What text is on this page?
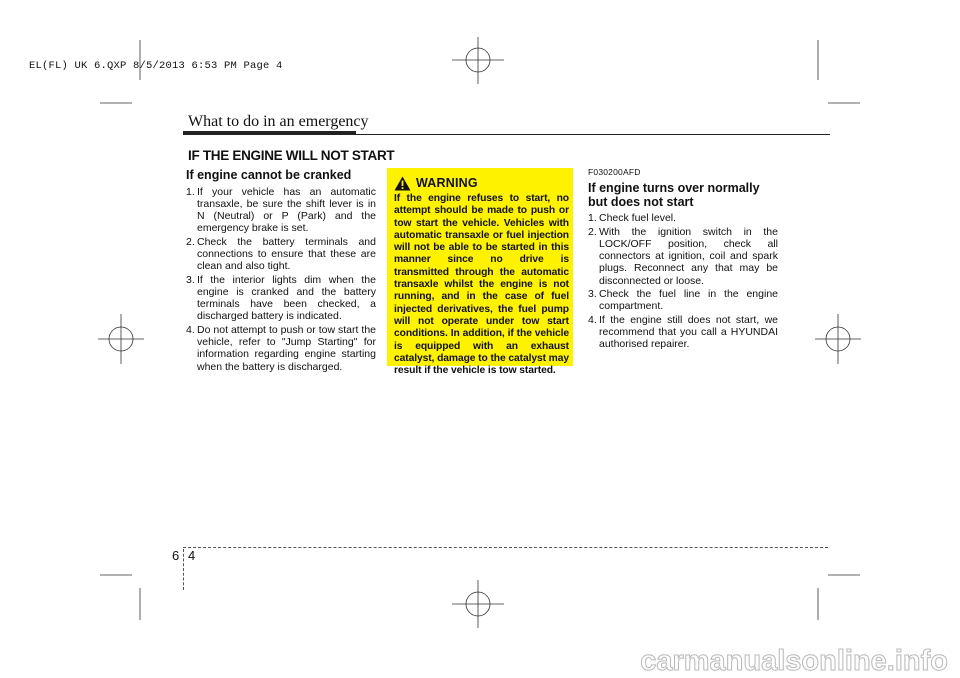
EL(FL) UK 6.QXP 8/5/2013 6:53 PM Page 4
What to do in an emergency
IF THE ENGINE WILL NOT START
If engine cannot be cranked
1. If your vehicle has an automatic transaxle, be sure the shift lever is in N (Neutral) or P (Park) and the emergency brake is set.
2. Check the battery terminals and connections to ensure that these are clean and also tight.
3. If the interior lights dim when the engine is cranked and the battery terminals have been checked, a discharged battery is indicated.
4. Do not attempt to push or tow start the vehicle, refer to "Jump Starting" for information regarding engine starting when the battery is discharged.
WARNING
If the engine refuses to start, no attempt should be made to push or tow start the vehicle. Vehicles with automatic transaxle or fuel injection will not be able to be started in this manner since no drive is transmitted through the automatic transaxle whilst the engine is not running, and in the case of fuel injected derivatives, the fuel pump will not operate under tow start conditions. In addition, if the vehicle is equipped with an exhaust catalyst, damage to the catalyst may result if the vehicle is tow started.
F030200AFD
If engine turns over normally but does not start
1. Check fuel level.
2. With the ignition switch in the LOCK/OFF position, check all connectors at ignition, coil and spark plugs. Reconnect any that may be disconnected or loose.
3. Check the fuel line in the engine compartment.
4. If the engine still does not start, we recommend that you call a HYUNDAI authorised repairer.
6 4
carmanualsonline.info
